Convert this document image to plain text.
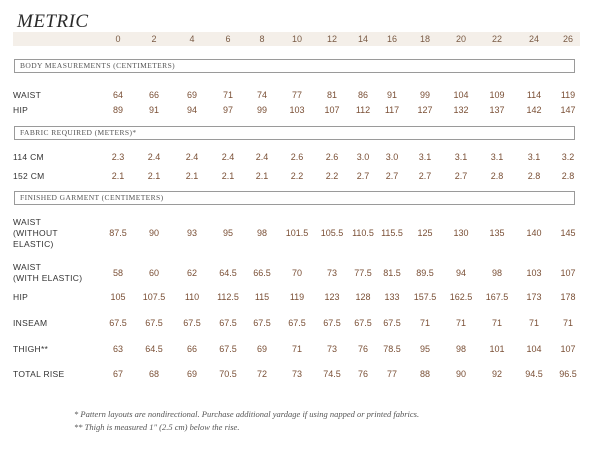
METRIC
0	2	4	6	8	10	12	14	16	18	20	22	24	26
BODY MEASUREMENTS (CENTIMETERS)
WAIST	64	66	69	71	74	77	81	86	91	99	104	109	114	119
HIP	89	91	94	97	99	103	107	112	117	127	132	137	142	147
FABRIC REQUIRED (METERS)*
114 CM	2.3	2.4	2.4	2.4	2.4	2.6	2.6	3.0	3.0	3.1	3.1	3.1	3.1	3.2
152 CM	2.1	2.1	2.1	2.1	2.1	2.2	2.2	2.7	2.7	2.7	2.7	2.8	2.8	2.8
FINISHED GARMENT (CENTIMETERS)
WAIST
(WITHOUT
ELASTIC)
87.5	90	93	95	98	101.5	105.5 110.5 115.5	125	130	135	140	145
WAIST
(WITH ELASTIC)
58	60	62	64.5	66.5	70	73	77.5	81.5	89.5	94	98	103	107
HIP	105	107.5	110	112.5	115	119	123	128	133	157.5	162.5	167.5	173	178
INSEAM	67.5	67.5	67.5	67.5	67.5	67.5	67.5	67.5	67.5	71	71	71	71	71
THIGH**	63	64.5	66	67.5	69	71	73	76	78.5	95	98	101	104	107
TOTAL RISE	67	68	69	70.5	72	73	74.5	76	77	88	90	92	94.5	96.5
* Pattern layouts are nondirectional. Purchase additional yardage if using napped or printed fabrics.
** Thigh is measured 1" (2.5 cm) below the rise.
